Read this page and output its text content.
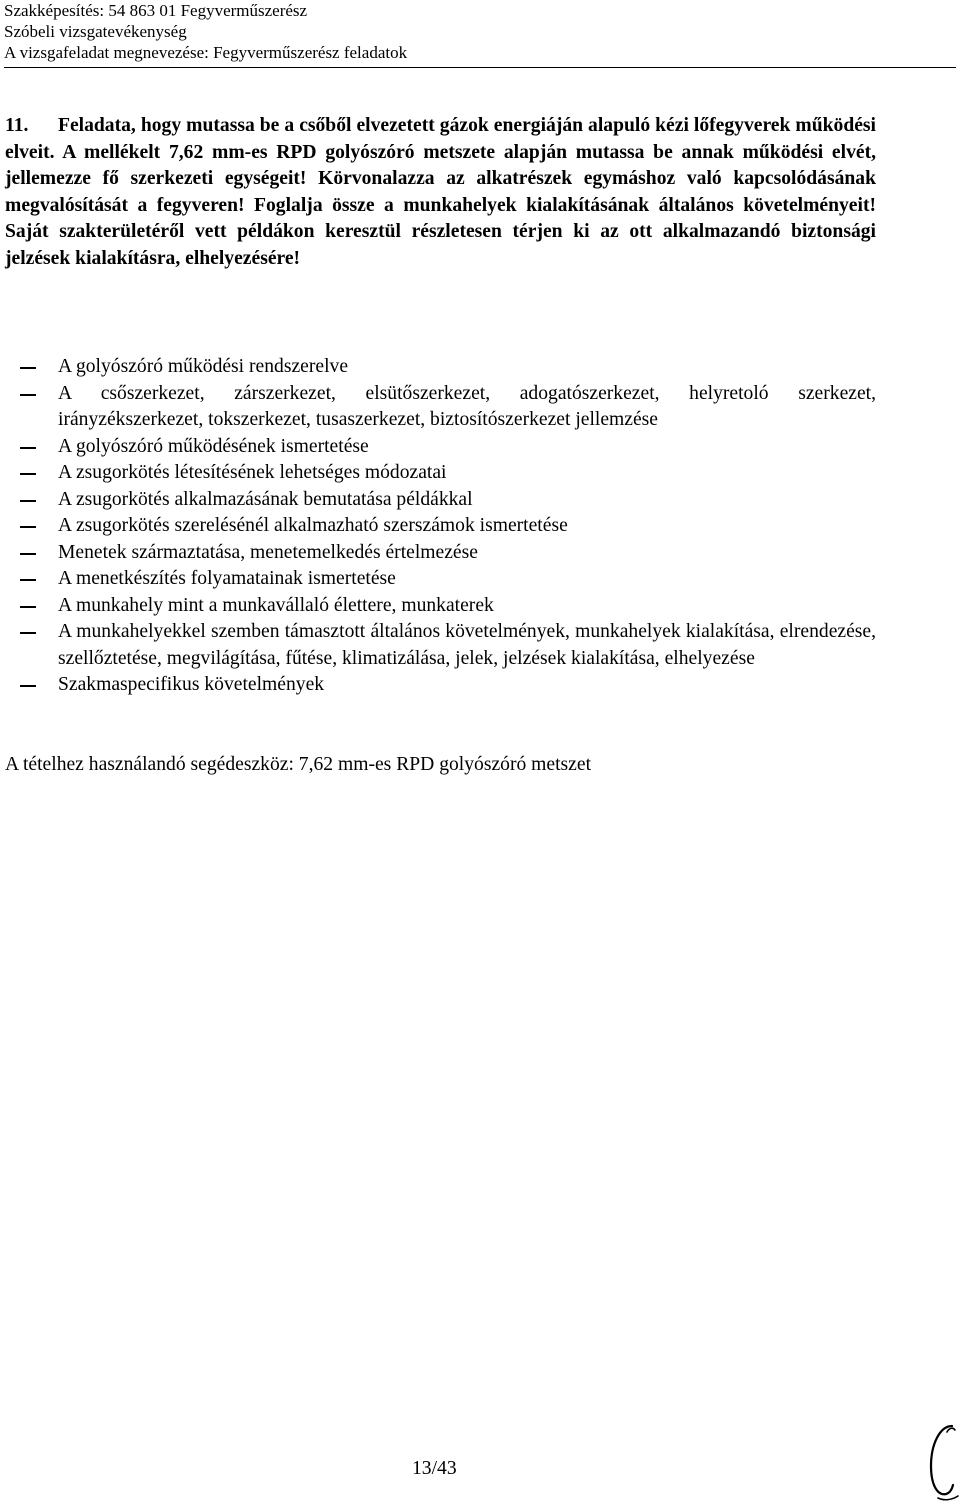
Szakképesítés: 54 863 01 Fegyverműszerész
Szóbeli vizsgatevékenység
A vizsgafeladat megnevezése: Fegyverműszerész feladatok
11. Feladata, hogy mutassa be a csőből elvezetett gázok energiáján alapuló kézi lőfegyverek működési elveit. A mellékelt 7,62 mm-es RPD golyószóró metszete alapján mutassa be annak működési elvét, jellemezze fő szerkezeti egységeit! Körvonalazza az alkatrészek egymáshoz való kapcsolódásának megvalósítását a fegyveren! Foglalja össze a munkahelyek kialakításának általános követelményeit! Saját szakterületéről vett példákon keresztül részletesen térjen ki az ott alkalmazandó biztonsági jelzések kialakításra, elhelyezésére!
A golyószóró működési rendszerelve
A csőszerkezet, zárszerkezet, elsütőszerkezet, adogatószerkezet, helyretoló szerkezet, irányzékszerkezet, tokszerkezet, tusaszerkezet, biztosítószerkezet jellemzése
A golyószóró működésének ismertetése
A zsugorkötés létesítésének lehetséges módozatai
A zsugorkötés alkalmazásának bemutatása példákkal
A zsugorkötés szerelésénél alkalmazható szerszámok ismertetése
Menetek származtatása, menetemelkedés értelmezése
A menetkészítés folyamatainak ismertetése
A munkahely mint a munkavállaló élettere, munkaterek
A munkahelyekkel szemben támasztott általános követelmények, munkahelyek kialakítása, elrendezése, szellőztetése, megvilágítása, fűtése, klimatizálása, jelek, jelzések kialakítása, elhelyezése
Szakmaspecifikus követelmények
A tételhez használandó segédeszköz: 7,62 mm-es RPD golyószóró metszet
13/43
